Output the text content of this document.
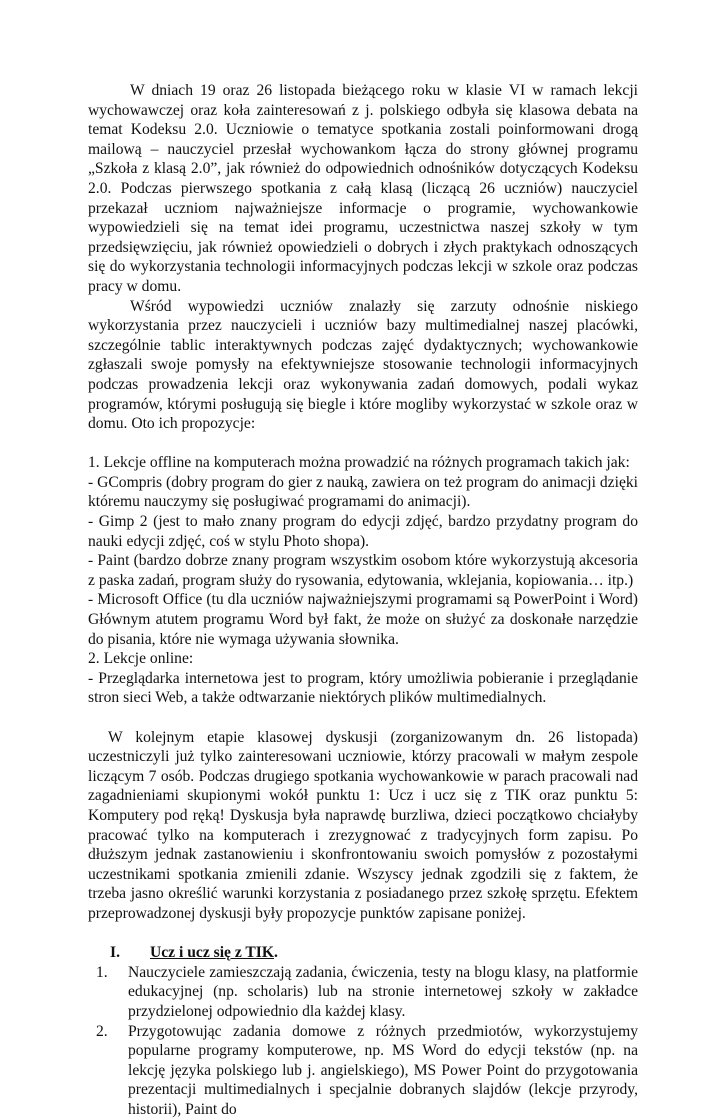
W dniach 19 oraz 26 listopada bieżącego roku w klasie VI w ramach lekcji wychowawczej oraz koła zainteresowań z j. polskiego odbyła się klasowa debata na temat Kodeksu 2.0. Uczniowie o tematyce spotkania zostali poinformowani drogą mailową – nauczyciel przesłał wychowankom łącza do strony głównej programu „Szkoła z klasą 2.0”, jak również do odpowiednich odnośników dotyczących Kodeksu 2.0. Podczas pierwszego spotkania z całą klasą (liczącą 26 uczniów) nauczyciel przekazał uczniom najważniejsze informacje o programie, wychowankowie wypowiedzieli się na temat idei programu, uczestnictwa naszej szkoły w tym przedsięwzięciu, jak również opowiedzieli o dobrych i złych praktykach odnoszących się do wykorzystania technologii informacyjnych podczas lekcji w szkole oraz podczas pracy w domu.

Wśród wypowiedzi uczniów znalazły się zarzuty odnośnie niskiego wykorzystania przez nauczycieli i uczniów bazy multimedialnej naszej placówki, szczególnie tablic interaktywnych podczas zajęć dydaktycznych; wychowankowie zgłaszali swoje pomysły na efektywniejsze stosowanie technologii informacyjnych podczas prowadzenia lekcji oraz wykonywania zadań domowych, podali wykaz programów, którymi posługują się biegle i które mogliby wykorzystać w szkole oraz w domu. Oto ich propozycje:

1. Lekcje offline na komputerach można prowadzić na różnych programach takich jak:

- GCompris (dobry program do gier z nauką, zawiera on też program do animacji dzięki któremu nauczymy się posługiwać programami do animacji).

- Gimp 2 (jest to mało znany program do edycji zdjęć, bardzo przydatny program do nauki edycji zdjęć, coś w stylu Photo shopa).

- Paint (bardzo dobrze znany program wszystkim osobom które wykorzystują akcesoria z paska zadań, program służy do rysowania, edytowania, wklejania, kopiowania… itp.)

- Microsoft Office (tu dla uczniów najważniejszymi programami są PowerPoint i Word) Głównym atutem programu Word był fakt, że może on służyć za doskonałe narzędzie do pisania, które nie wymaga używania słownika.

2. Lekcje online:

- Przeglądarka internetowa jest to program, który umożliwia pobieranie i przeglądanie stron sieci Web, a także odtwarzanie niektórych plików multimedialnych.

W kolejnym etapie klasowej dyskusji (zorganizowanym dn. 26 listopada) uczestniczyli już tylko zainteresowani uczniowie, którzy pracowali w małym zespole liczącym 7 osób. Podczas drugiego spotkania wychowankowie w parach pracowali nad zagadnieniami skupionymi wokół punktu 1: Ucz i ucz się z TIK oraz punktu 5: Komputery pod ręką! Dyskusja była naprawdę burzliwa, dzieci początkowo chciałyby pracować tylko na komputerach i zrezygnować z tradycyjnych form zapisu. Po dłuższym jednak zastanowieniu i skonfrontowaniu swoich pomysłów z pozostałymi uczestnikami spotkania zmienili zdanie. Wszyscy jednak zgodzili się z faktem, że trzeba jasno określić warunki korzystania z posiadanego przez szkołę sprzętu. Efektem przeprowadzonej dyskusji były propozycje punktów zapisane poniżej.

I.	Ucz i ucz się z TIK.
1.	Nauczyciele zamieszczają zadania, ćwiczenia, testy na blogu klasy, na platformie edukacyjnej (np. scholaris) lub na stronie internetowej szkoły w zakładce przydzielonej odpowiednio dla każdej klasy.
2.	Przygotowując zadania domowe z różnych przedmiotów, wykorzystujemy popularne programy komputerowe, np. MS Word do edycji tekstów (np. na lekcję języka polskiego lub j. angielskiego), MS Power Point do przygotowania prezentacji multimedialnych i specjalnie dobranych slajdów (lekcje przyrody, historii), Paint do
